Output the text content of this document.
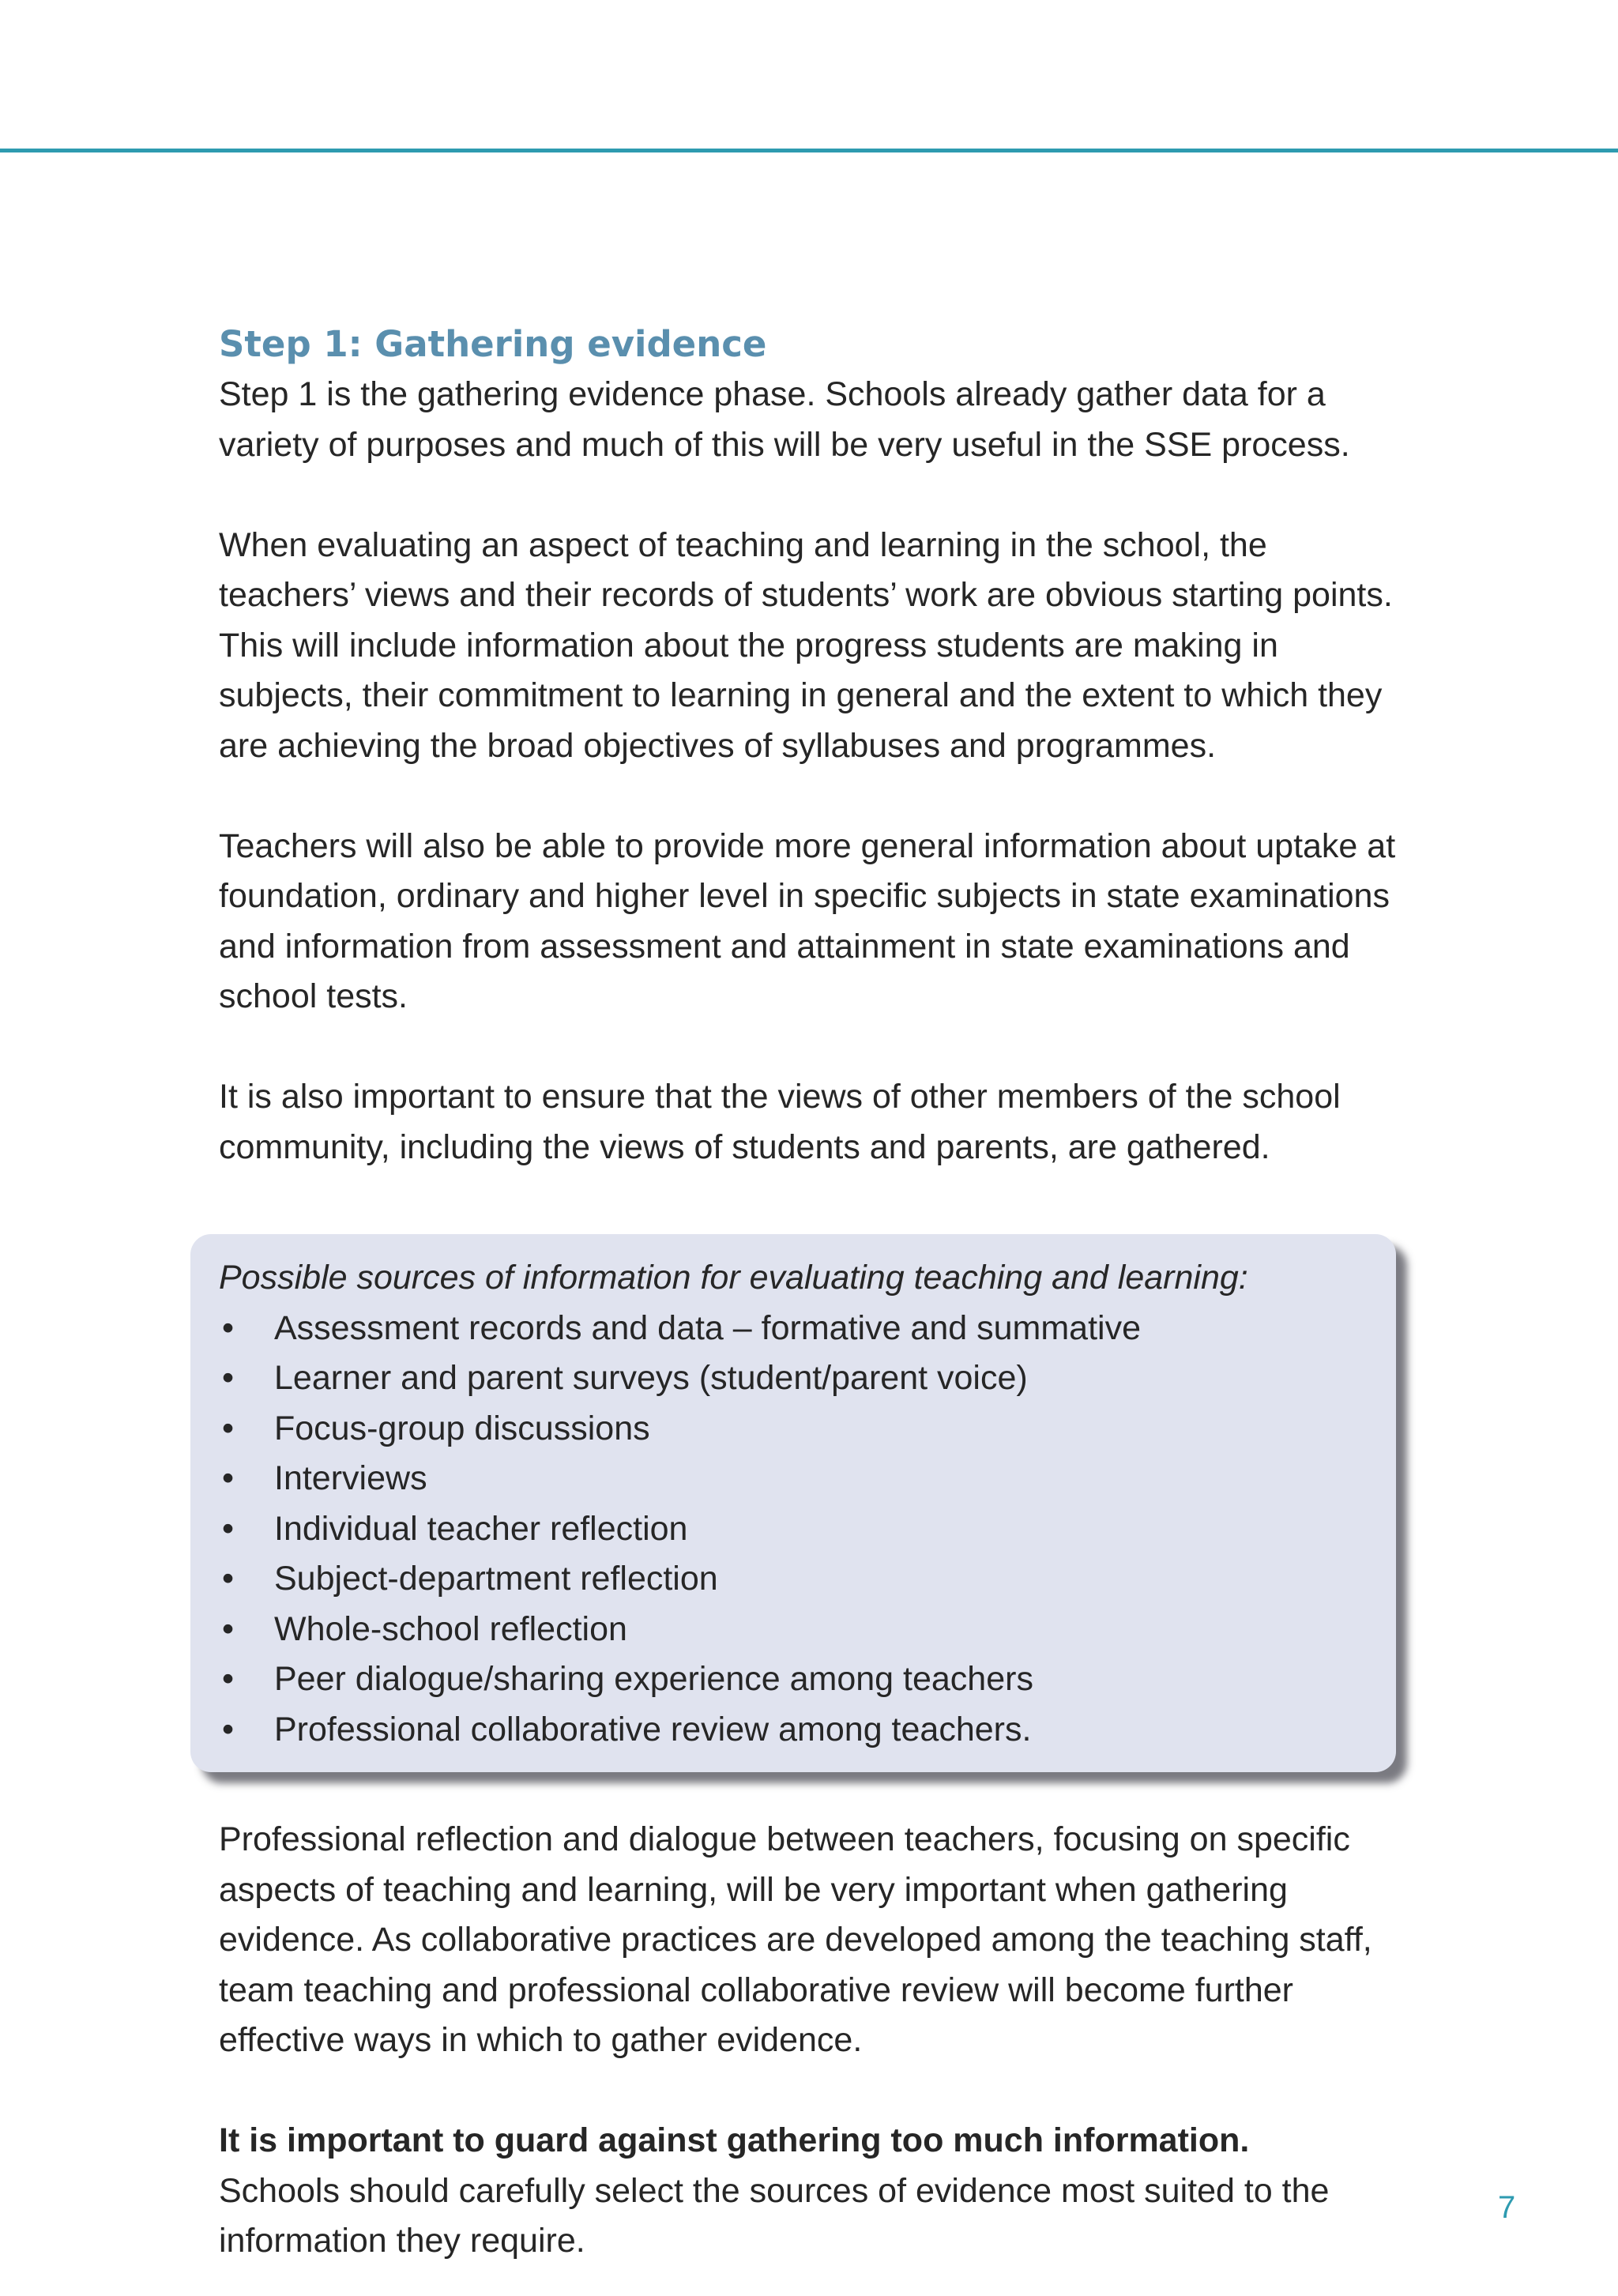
Step 1: Gathering evidence

Step 1 is the gathering evidence phase. Schools already gather data for a variety of purposes and much of this will be very useful in the SSE process.

When evaluating an aspect of teaching and learning in the school, the teachers’ views and their records of students’ work are obvious starting points. This will include information about the progress students are making in subjects, their commitment to learning in general and the extent to which they are achieving the broad objectives of syllabuses and programmes.

Teachers will also be able to provide more general information about uptake at foundation, ordinary and higher level in specific subjects in state examinations and information from assessment and attainment in state examinations and school tests.

It is also important to ensure that the views of other members of the school community, including the views of students and parents, are gathered.

Possible sources of information for evaluating teaching and learning:

• Assessment records and data – formative and summative
• Learner and parent surveys (student/parent voice)
• Focus-group discussions
• Interviews
• Individual teacher reflection
• Subject-department reflection
• Whole-school reflection
• Peer dialogue/sharing experience among teachers
• Professional collaborative review among teachers.

Professional reflection and dialogue between teachers, focusing on specific aspects of teaching and learning, will be very important when gathering evidence. As collaborative practices are developed among the teaching staff, team teaching and professional collaborative review will become further effective ways in which to gather evidence.

It is important to guard against gathering too much information.

Schools should carefully select the sources of evidence most suited to the information they require.

7
